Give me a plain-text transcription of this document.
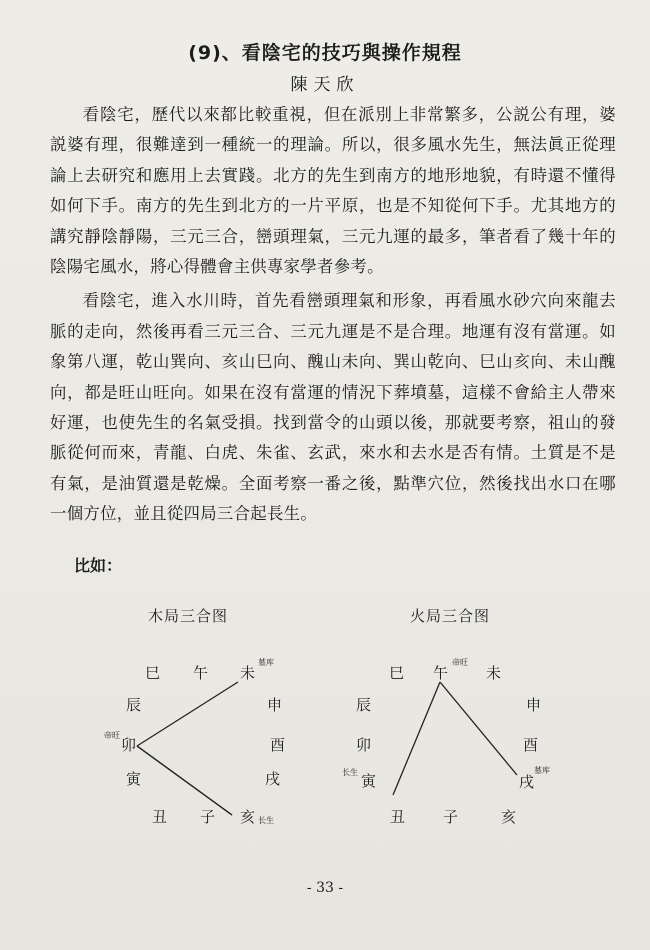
(9)、看陰宅的技巧與操作規程
陳天欣

看陰宅，歷代以來都比較重視，但在派別上非常繁多，公説公有理，婆説婆有理，很難達到一種統一的理論。所以，很多風水先生，無法眞正從理論上去研究和應用上去實踐。北方的先生到南方的地形地貌，有時還不懂得如何下手。南方的先生到北方的一片平原，也是不知從何下手。尤其地方的講究靜陰靜陽，三元三合，巒頭理氣，三元九運的最多，筆者看了幾十年的陰陽宅風水，將心得體會主供專家學者參考。

看陰宅，進入水川時，首先看巒頭理氣和形象，再看風水砂穴向來龍去脈的走向，然後再看三元三合、三元九運是不是合理。地運有沒有當運。如象第八運，乾山巽向、亥山巳向、醜山未向、巽山乾向、巳山亥向、未山醜向，都是旺山旺向。如果在沒有當運的情況下葬墳墓，這樣不會給主人帶來好運，也使先生的名氣受損。找到當令的山頭以後，那就要考察，祖山的發脈從何而來，青龍、白虎、朱雀、玄武，來水和去水是否有情。土質是不是有氣，是油質還是乾燥。全面考察一番之後，點準穴位，然後找出水口在哪一個方位，並且從四局三合起長生。

比如：
木局三合图
巳 午 未
墓库
辰	申
帝旺
卯	酉
寅	戌
丑 子 亥 长生
火局三合图
巳 午
帝旺
未
辰	申
卯	酉
长生 寅	戌
墓库
丑	子	亥
- 33 -
